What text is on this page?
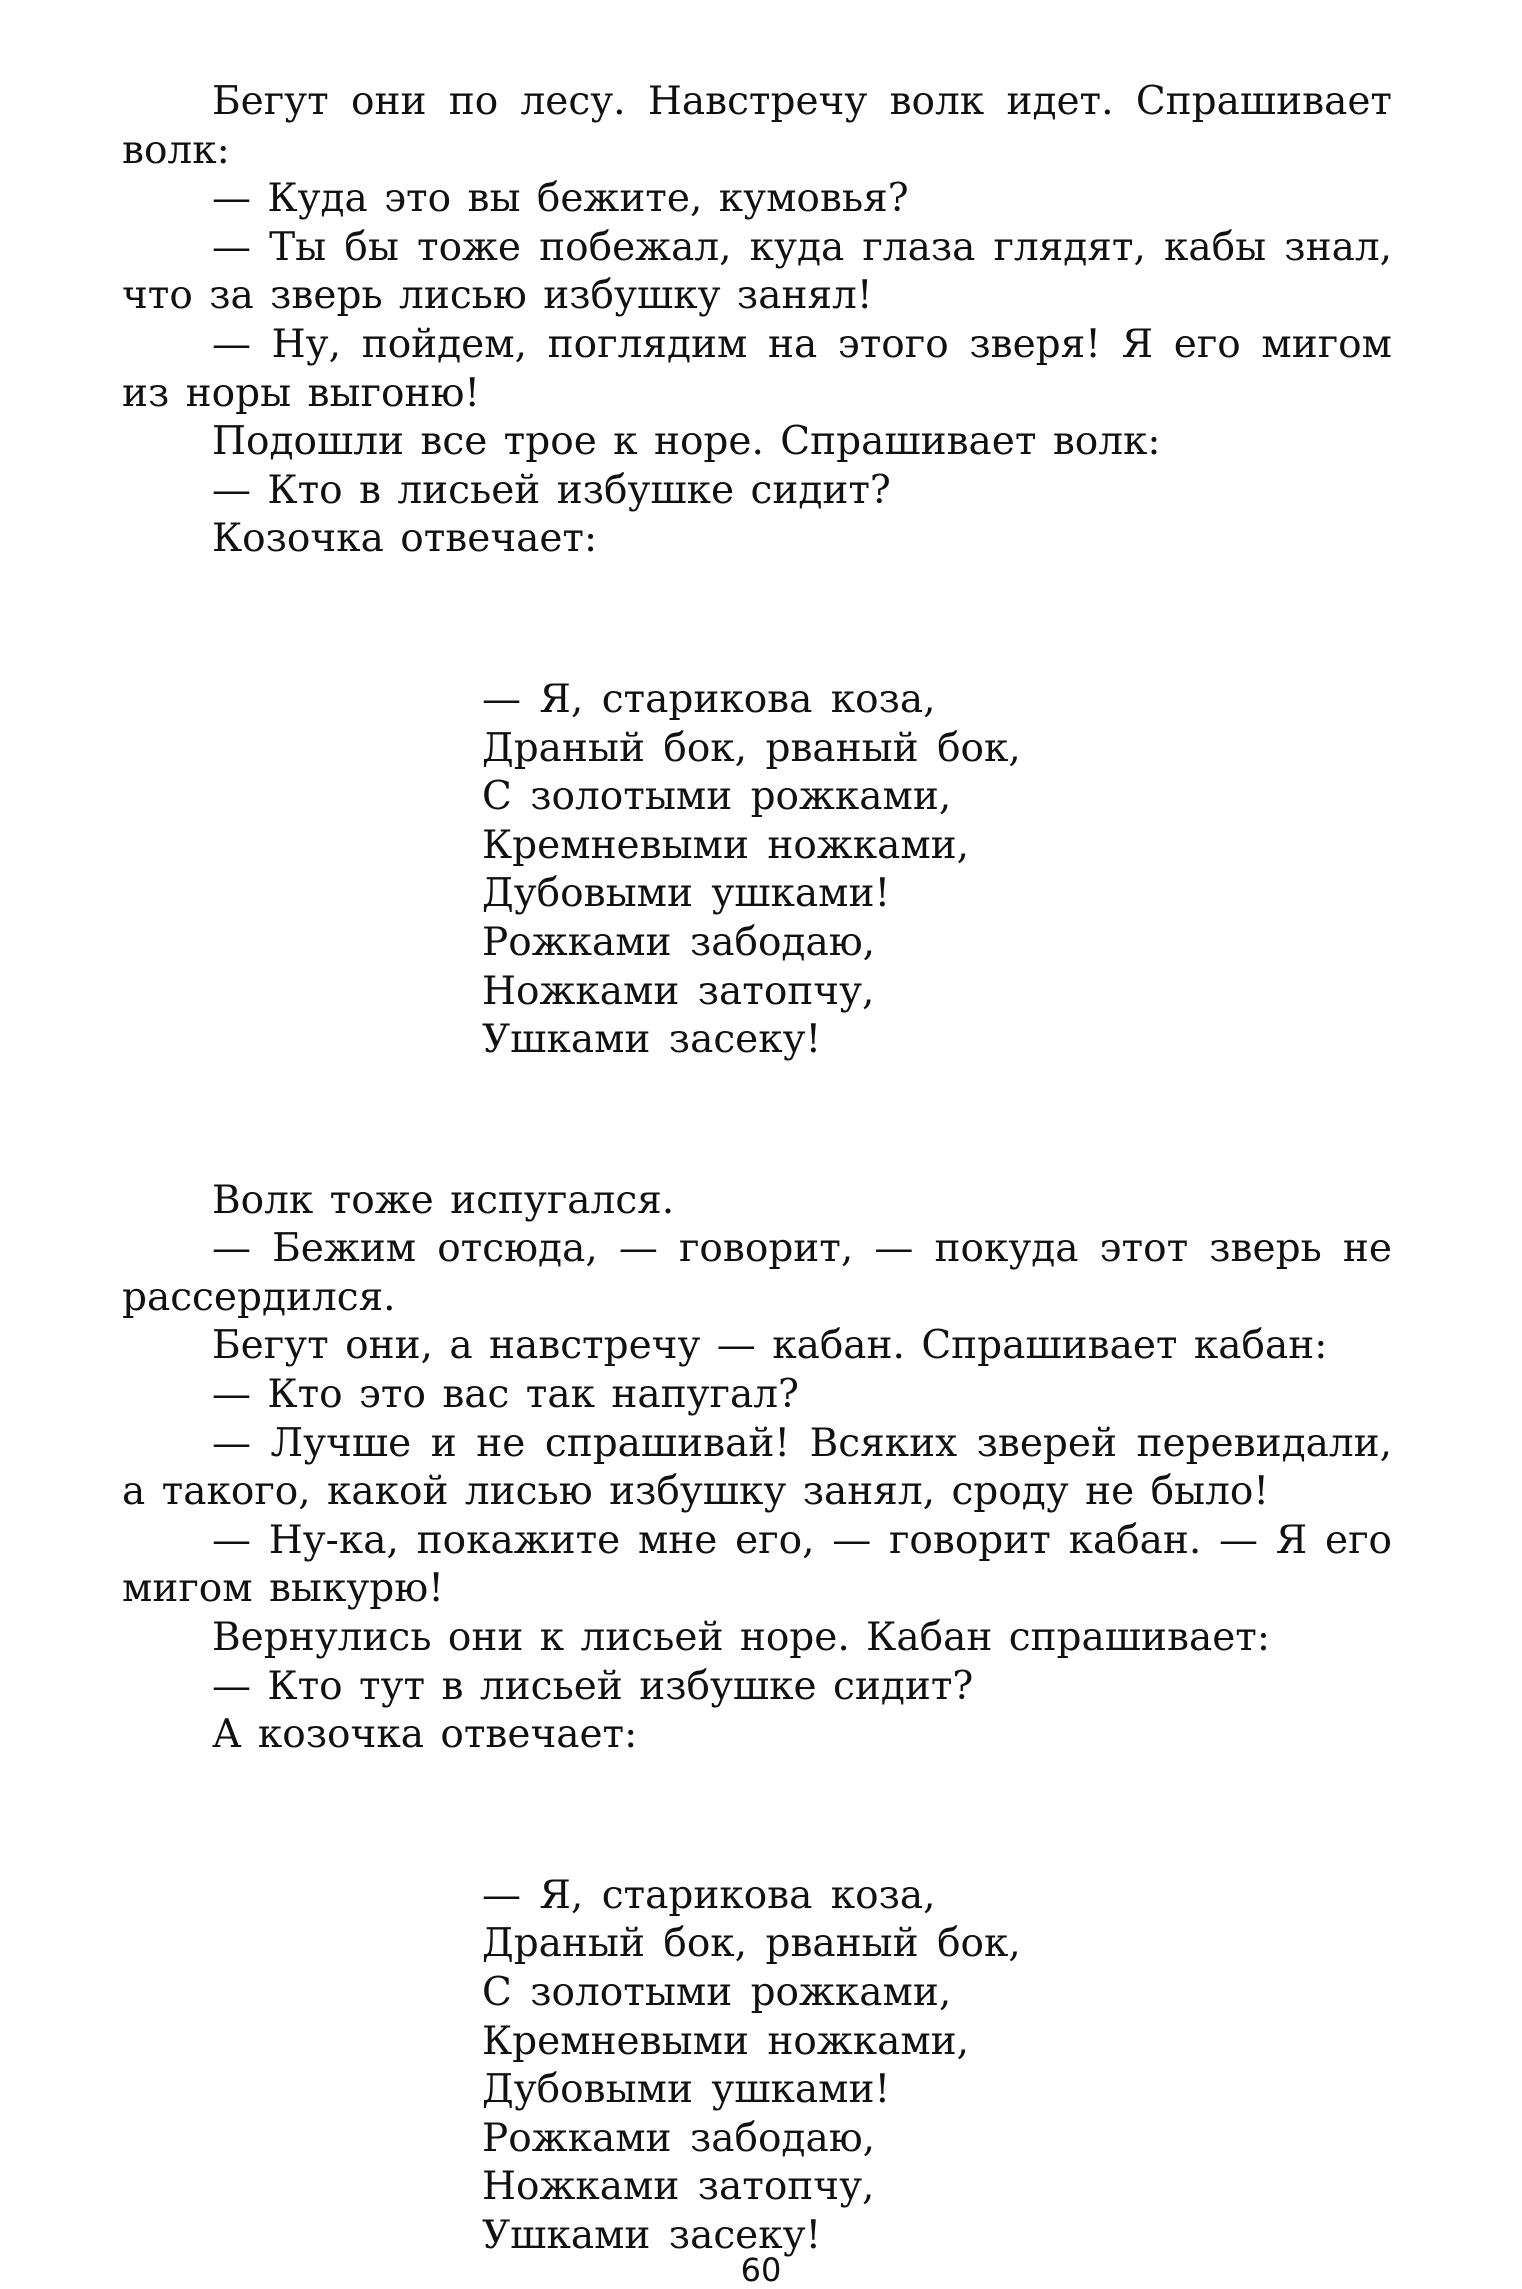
Бегут они по лесу. Навстречу волк идет. Спрашивает волк:
— Куда это вы бежите, кумовья?
— Ты бы тоже побежал, куда глаза глядят, кабы знал, что за зверь лисью избушку занял!
— Ну, пойдем, поглядим на этого зверя! Я его мигом из норы выгоню!
Подошли все трое к норе. Спрашивает волк:
— Кто в лисьей избушке сидит?
Козочка отвечает:
— Я, старикова коза,
Драный бок, рваный бок,
С золотыми рожками,
Кремневыми ножками,
Дубовыми ушками!
Рожками забодаю,
Ножками затопчу,
Ушками засеку!
Волк тоже испугался.
— Бежим отсюда, — говорит, — покуда этот зверь не рассердился.
Бегут они, а навстречу — кабан. Спрашивает кабан:
— Кто это вас так напугал?
— Лучше и не спрашивай! Всяких зверей перевидали, а такого, какой лисью избушку занял, сроду не было!
— Ну-ка, покажите мне его, — говорит кабан. — Я его мигом выкурю!
Вернулись они к лисьей норе. Кабан спрашивает:
— Кто тут в лисьей избушке сидит?
А козочка отвечает:
— Я, старикова коза,
Драный бок, рваный бок,
С золотыми рожками,
Кремневыми ножками,
Дубовыми ушками!
Рожками забодаю,
Ножками затопчу,
Ушками засеку!
60
